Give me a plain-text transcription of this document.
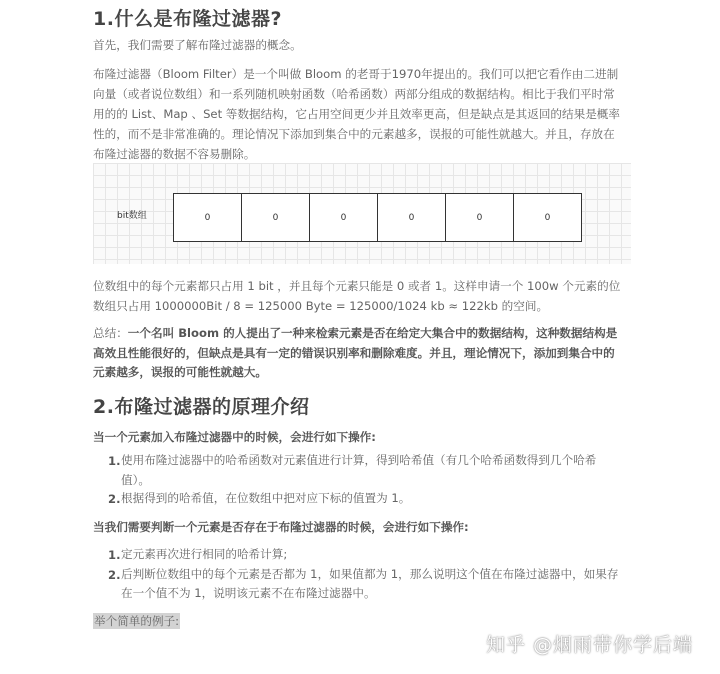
1.什么是布隆过滤器?
首先，我们需要了解布隆过滤器的概念。
布隆过滤器（Bloom Filter）是一个叫做 Bloom 的老哥于1970年提出的。我们可以把它看作由二进制
向量（或者说位数组）和一系列随机映射函数（哈希函数）两部分组成的数据结构。相比于我们平时常
用的的 List、Map 、Set 等数据结构，它占用空间更少并且效率更高，但是缺点是其返回的结果是概率
性的，而不是非常准确的。理论情况下添加到集合中的元素越多，误报的可能性就越大。并且，存放在
布隆过滤器的数据不容易删除。
bit数组	0	0	0	0	0	0
位数组中的每个元素都只占用 1 bit ，并且每个元素只能是 0 或者 1。这样申请一个 100w 个元素的位
数组只占用 1000000Bit / 8 = 125000 Byte = 125000/1024 kb ≈ 122kb 的空间。
总结：一个名叫 Bloom 的人提出了一种来检索元素是否在给定大集合中的数据结构，这种数据结构是
高效且性能很好的，但缺点是具有一定的错误识别率和删除难度。并且，理论情况下，添加到集合中的
元素越多，误报的可能性就越大。
2.布隆过滤器的原理介绍
当一个元素加入布隆过滤器中的时候，会进行如下操作:
1. 使用布隆过滤器中的哈希函数对元素值进行计算，得到哈希值（有几个哈希函数得到几个哈希
值）。
2. 根据得到的哈希值，在位数组中把对应下标的值置为 1。
当我们需要判断一个元素是否存在于布隆过滤器的时候，会进行如下操作:
1. 定元素再次进行相同的哈希计算;
2. 后判断位数组中的每个元素是否都为 1，如果值都为 1，那么说明这个值在布隆过滤器中，如果存
在一个值不为 1，说明该元素不在布隆过滤器中。
举个简单的例子:
知乎 @烟雨带你学后端
